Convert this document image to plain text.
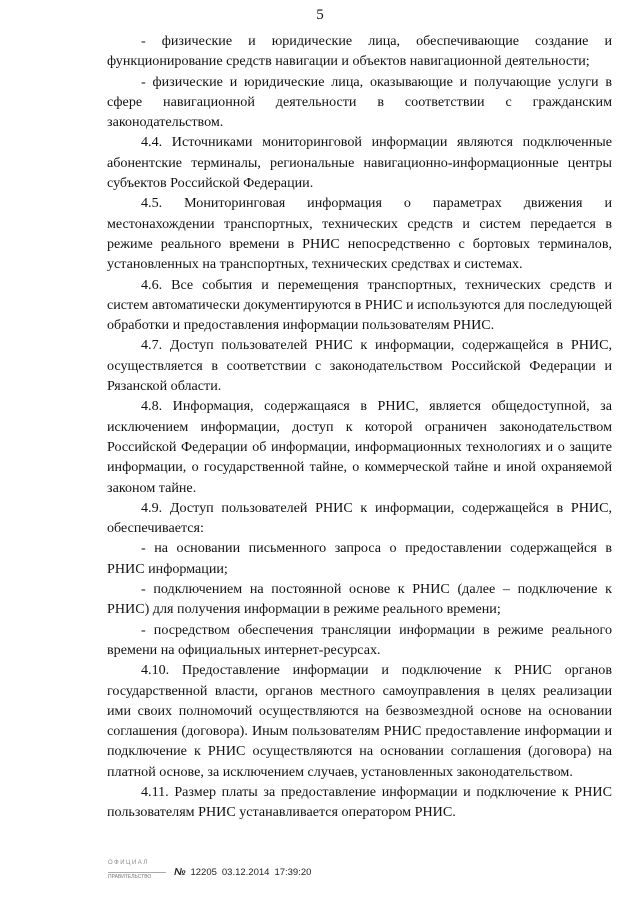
5

- физические и юридические лица, обеспечивающие создание и функционирование средств навигации и объектов навигационной деятельности;

- физические и юридические лица, оказывающие и получающие услуги в сфере навигационной деятельности в соответствии с гражданским законодательством.

4.4. Источниками мониторинговой информации являются подключенные абонентские терминалы, региональные навигационно-информационные центры субъектов Российской Федерации.

4.5. Мониторинговая информация о параметрах движения и местонахождении транспортных, технических средств и систем передается в режиме реального времени в РНИС непосредственно с бортовых терминалов, установленных на транспортных, технических средствах и системах.

4.6. Все события и перемещения транспортных, технических средств и систем автоматически документируются в РНИС и используются для последующей обработки и предоставления информации пользователям РНИС.

4.7. Доступ пользователей РНИС к информации, содержащейся в РНИС, осуществляется в соответствии с законодательством Российской Федерации и Рязанской области.

4.8. Информация, содержащаяся в РНИС, является общедоступной, за исключением информации, доступ к которой ограничен законодательством Российской Федерации об информации, информационных технологиях и о защите информации, о государственной тайне, о коммерческой тайне и иной охраняемой законом тайне.

4.9. Доступ пользователей РНИС к информации, содержащейся в РНИС, обеспечивается:

- на основании письменного запроса о предоставлении содержащейся в РНИС информации;

- подключением на постоянной основе к РНИС (далее – подключение к РНИС) для получения информации в режиме реального времени;

- посредством обеспечения трансляции информации в режиме реального времени на официальных интернет-ресурсах.

4.10. Предоставление информации и подключение к РНИС органов государственной власти, органов местного самоуправления в целях реализации ими своих полномочий осуществляются на безвозмездной основе на основании соглашения (договора). Иным пользователям РНИС предоставление информации и подключение к РНИС осуществляются на основании соглашения (договора) на платной основе, за исключением случаев, установленных законодательством.

4.11. Размер платы за предоставление информации и подключение к РНИС пользователям РНИС устанавливается оператором РНИС.

ОФИЦИАЛ
ПРАВИТЕЛЬСТВО	№ 12205 03.12.2014 17:39:20
